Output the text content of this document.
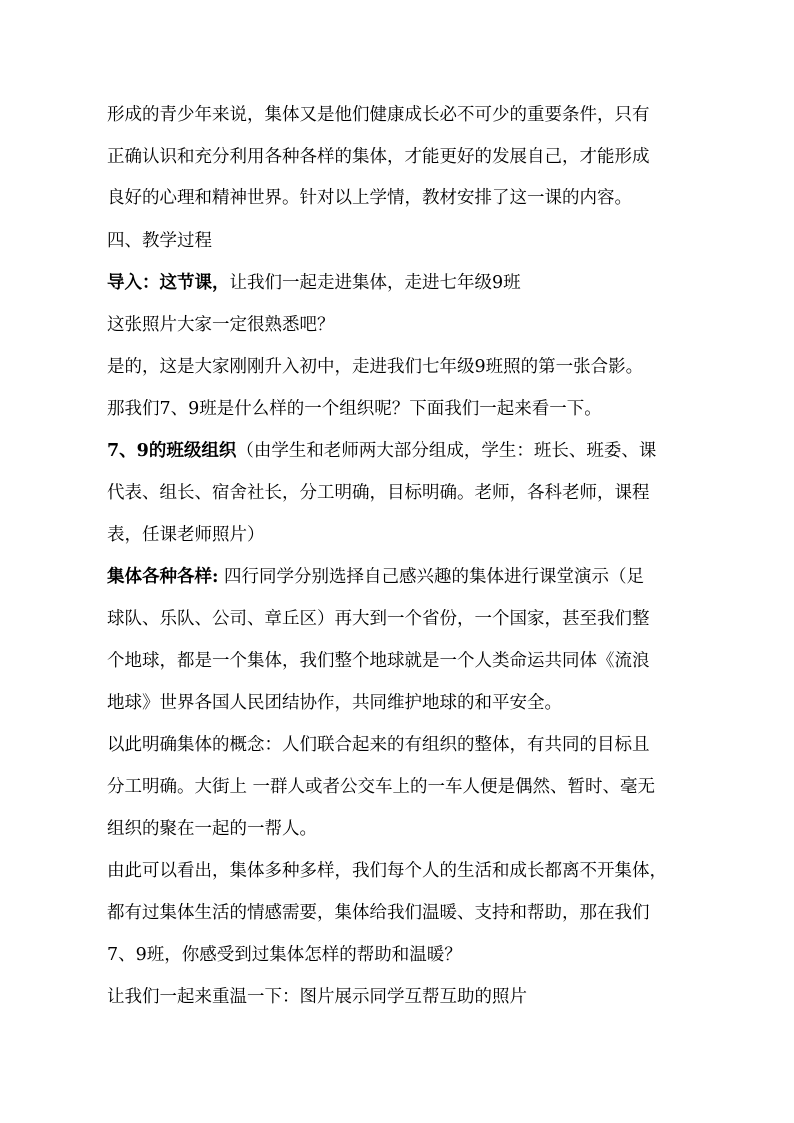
形成的青少年来说，集体又是他们健康成长必不可少的重要条件，只有
正确认识和充分利用各种各样的集体，才能更好的发展自己，才能形成
良好的心理和精神世界。针对以上学情，教材安排了这一课的内容。
四、教学过程
导入：这节课，让我们一起走进集体，走进七年级9班
这张照片大家一定很熟悉吧？
是的，这是大家刚刚升入初中，走进我们七年级9班照的第一张合影。
那我们7、9班是什么样的一个组织呢？下面我们一起来看一下。
7、9的班级组织（由学生和老师两大部分组成，学生：班长、班委、课
代表、组长、宿舍社长，分工明确，目标明确。老师，各科老师，课程
表，任课老师照片）
集体各种各样: 四行同学分别选择自己感兴趣的集体进行课堂演示（足
球队、乐队、公司、章丘区）再大到一个省份，一个国家，甚至我们整
个地球，都是一个集体，我们整个地球就是一个人类命运共同体《流浪
地球》世界各国人民团结协作，共同维护地球的和平安全。
以此明确集体的概念：人们联合起来的有组织的整体，有共同的目标且
分工明确。大街上 一群人或者公交车上的一车人便是偶然、暂时、毫无
组织的聚在一起的一帮人。
由此可以看出，集体多种多样，我们每个人的生活和成长都离不开集体，
都有过集体生活的情感需要，集体给我们温暖、支持和帮助，那在我们
7、9班，你感受到过集体怎样的帮助和温暖？
让我们一起来重温一下：图片展示同学互帮互助的照片
